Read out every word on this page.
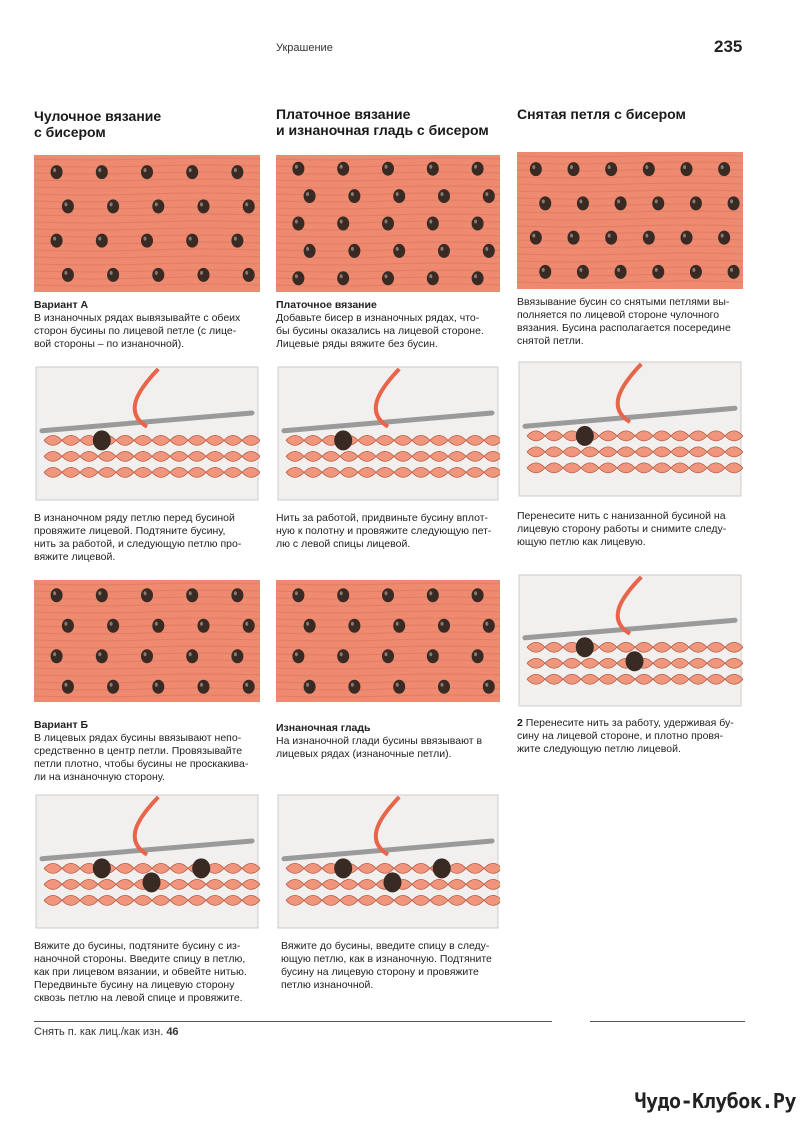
Украшение	235
Чулочное вязание
с бисером
Платочное вязание
и изнаночная гладь с бисером
Снятая петля с бисером
Вариант А
В изнаночных рядах вывязывайте с обеих
сторон бусины по лицевой петле (с лице-
вой стороны – по изнаночной).
В изнаночном ряду петлю перед бусиной
провяжите лицевой. Подтяните бусину,
нить за работой, и следующую петлю про-
вяжите лицевой.
Вариант Б
В лицевых рядах бусины ввязывают непо-
средственно в центр петли. Провязывайте
петли плотно, чтобы бусины не проскакива-
ли на изнаночную сторону.
Вяжите до бусины, подтяните бусину с из-
наночной стороны. Введите спицу в петлю,
как при лицевом вязании, и обвейте нитью.
Передвиньте бусину на лицевую сторону
сквозь петлю на левой спице и провяжите.
Платочное вязание
Добавьте бисер в изнаночных рядах, что-
бы бусины оказались на лицевой стороне.
Лицевые ряды вяжите без бусин.
Нить за работой, придвиньте бусину вплот-
ную к полотну и провяжите следующую пет-
лю с левой спицы лицевой.
Изнаночная гладь
На изнаночной глади бусины ввязывают в
лицевых рядах (изнаночные петли).
Вяжите до бусины, введите спицу в следу-
ющую петлю, как в изнаночную. Подтяните
бусину на лицевую сторону и провяжите
петлю изнаночной.
Ввязывание бусин со снятыми петлями вы-
полняется по лицевой стороне чулочного
вязания. Бусина располагается посередине
снятой петли.
Перенесите нить с нанизанной бусиной на
лицевую сторону работы и снимите следу-
ющую петлю как лицевую.
2 Перенесите нить за работу, удерживая бу-
сину на лицевой стороне, и плотно провя-
жите следующую петлю лицевой.
Снять п. как лиц./как изн. 46
Чудо-Клубок.Ру
